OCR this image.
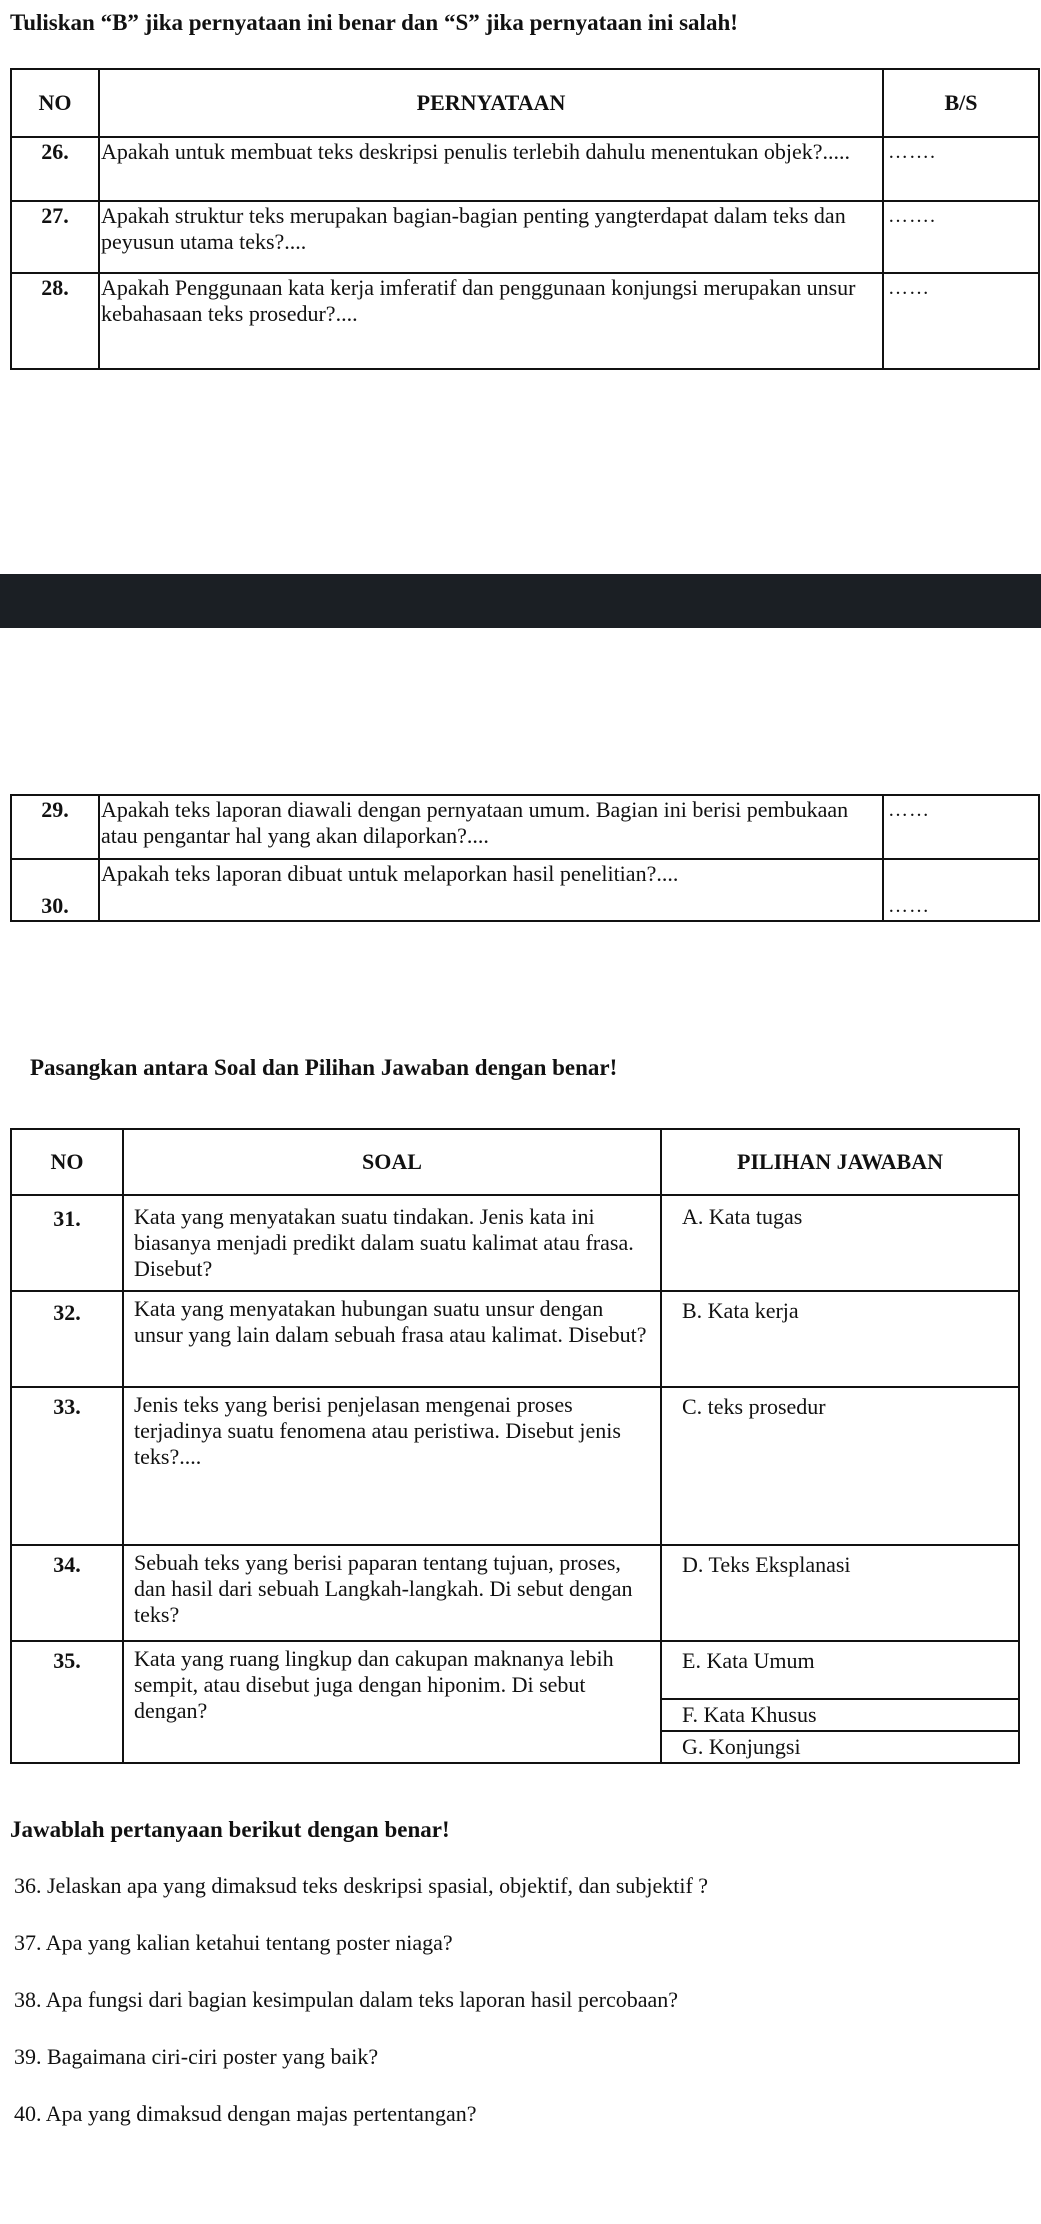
Tuliskan “B” jika pernyataan ini benar dan “S” jika pernyataan ini salah!
NO	PERNYATAAN	B/S
26.	Apakah untuk membuat teks deskripsi penulis terlebih dahulu menentukan objek?.....	…….
27.	Apakah struktur teks merupakan bagian-bagian penting yangterdapat dalam teks dan peyusun utama teks?....	…….
28.	Apakah Penggunaan kata kerja imferatif dan penggunaan konjungsi merupakan unsur kebahasaan teks prosedur?....	……
29.	Apakah teks laporan diawali dengan pernyataan umum. Bagian ini berisi pembukaan atau pengantar hal yang akan dilaporkan?....	……
30.	Apakah teks laporan dibuat untuk melaporkan hasil penelitian?....	……
Pasangkan antara Soal dan Pilihan Jawaban dengan benar!
NO	SOAL	PILIHAN JAWABAN
31.	Kata yang menyatakan suatu tindakan. Jenis kata ini biasanya menjadi predikt dalam suatu kalimat atau frasa. Disebut?	A. Kata tugas
32.	Kata yang menyatakan hubungan suatu unsur dengan unsur yang lain dalam sebuah frasa atau kalimat. Disebut?	B. Kata kerja
33.	Jenis teks yang berisi penjelasan mengenai proses terjadinya suatu fenomena atau peristiwa. Disebut jenis teks?....	C. teks prosedur
34.	Sebuah teks yang berisi paparan tentang tujuan, proses, dan hasil dari sebuah Langkah-langkah. Di sebut dengan teks?	D. Teks Eksplanasi
35.	Kata yang ruang lingkup dan cakupan maknanya lebih sempit, atau disebut juga dengan hiponim. Di sebut dengan?	E. Kata Umum
F. Kata Khusus
G. Konjungsi
Jawablah pertanyaan berikut dengan benar!
36. Jelaskan apa yang dimaksud teks deskripsi spasial, objektif, dan subjektif ?
37. Apa yang kalian ketahui tentang poster niaga?
38. Apa fungsi dari bagian kesimpulan dalam teks laporan hasil percobaan?
39. Bagaimana ciri-ciri poster yang baik?
40. Apa yang dimaksud dengan majas pertentangan?
